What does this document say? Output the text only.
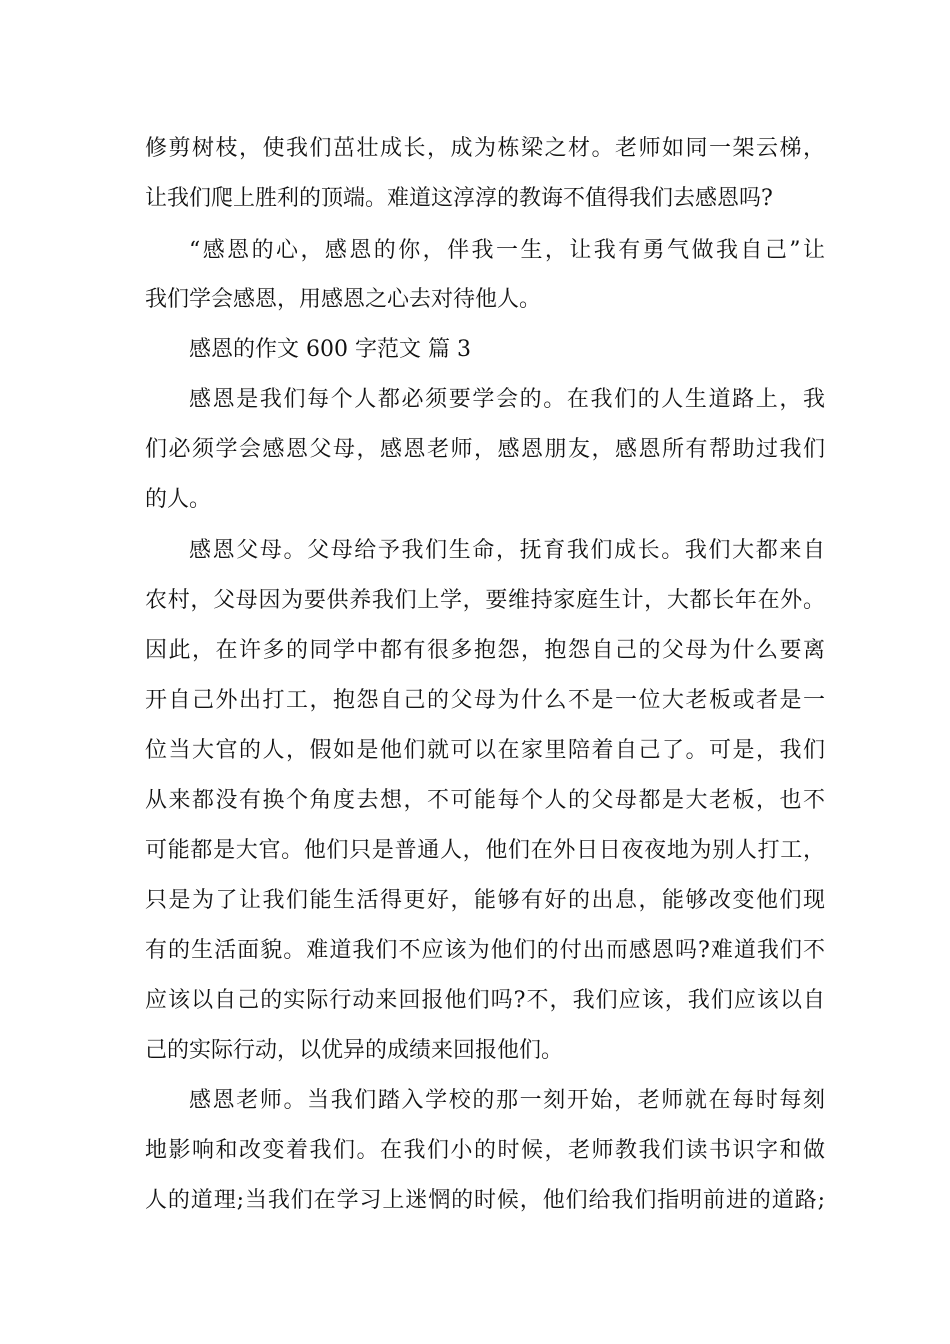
修剪树枝，使我们茁壮成长，成为栋梁之材。老师如同一架云梯，
让我们爬上胜利的顶端。难道这淳淳的教诲不值得我们去感恩吗?
“感恩的心，感恩的你，伴我一生，让我有勇气做我自己”让
我们学会感恩，用感恩之心去对待他人。
感恩的作文 600 字范文 篇 3
感恩是我们每个人都必须要学会的。在我们的人生道路上，我
们必须学会感恩父母，感恩老师，感恩朋友，感恩所有帮助过我们
的人。
感恩父母。父母给予我们生命，抚育我们成长。我们大都来自
农村，父母因为要供养我们上学，要维持家庭生计，大都长年在外。
因此，在许多的同学中都有很多抱怨，抱怨自己的父母为什么要离
开自己外出打工，抱怨自己的父母为什么不是一位大老板或者是一
位当大官的人，假如是他们就可以在家里陪着自己了。可是，我们
从来都没有换个角度去想，不可能每个人的父母都是大老板，也不
可能都是大官。他们只是普通人，他们在外日日夜夜地为别人打工，
只是为了让我们能生活得更好，能够有好的出息，能够改变他们现
有的生活面貌。难道我们不应该为他们的付出而感恩吗?难道我们不
应该以自己的实际行动来回报他们吗?不，我们应该，我们应该以自
己的实际行动，以优异的成绩来回报他们。
感恩老师。当我们踏入学校的那一刻开始，老师就在每时每刻
地影响和改变着我们。在我们小的时候，老师教我们读书识字和做
人的道理;当我们在学习上迷惘的时候，他们给我们指明前进的道路;
